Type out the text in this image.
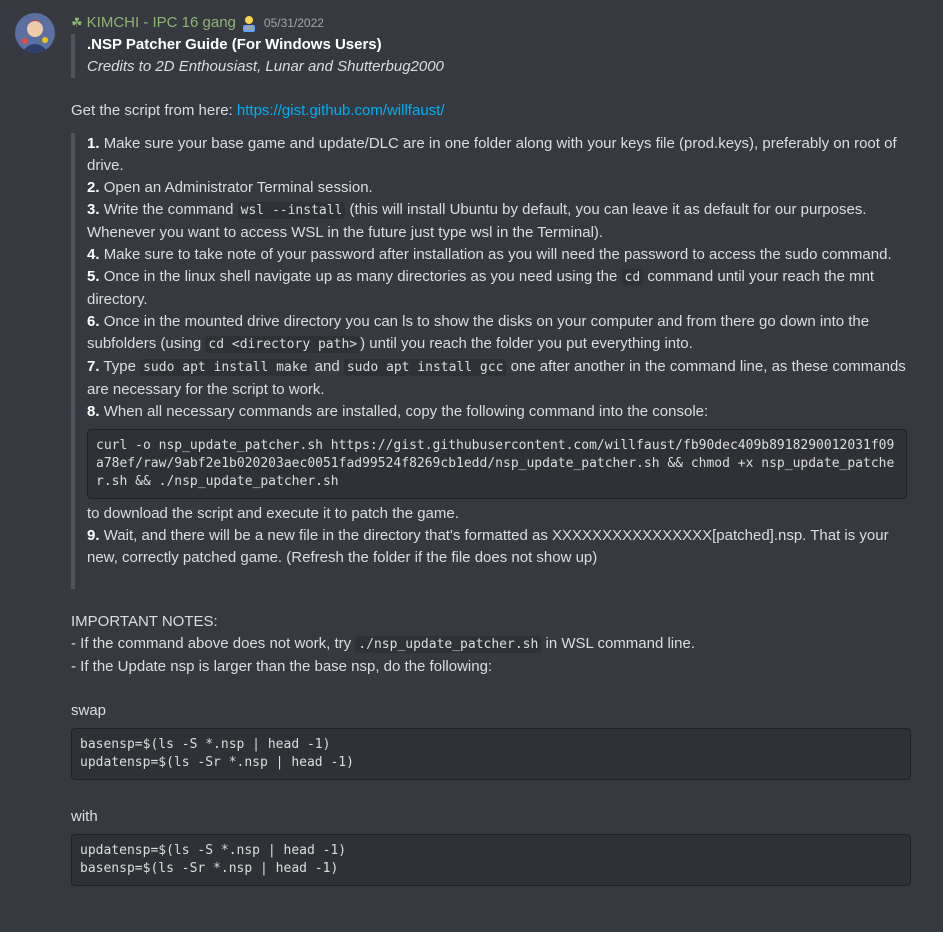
☘ KIMCHI - IPC 16 gang 05/31/2022
.NSP Patcher Guide (For Windows Users)
Credits to 2D Enthousiast, Lunar and Shutterbug2000

Get the script from here: https://gist.github.com/willfaust/

1. Make sure your base game and update/DLC are in one folder along with your keys file (prod.keys), preferably on root of drive.
2. Open an Administrator Terminal session.
3. Write the command wsl --install (this will install Ubuntu by default, you can leave it as default for our purposes. Whenever you want to access WSL in the future just type wsl in the Terminal).
4. Make sure to take note of your password after installation as you will need the password to access the sudo command.
5. Once in the linux shell navigate up as many directories as you need using the cd command until your reach the mnt directory.
6. Once in the mounted drive directory you can ls to show the disks on your computer and from there go down into the subfolders (using cd <directory path> ) until you reach the folder you put everything into.
7. Type sudo apt install make and sudo apt install gcc one after another in the command line, as these commands are necessary for the script to work.
8. When all necessary commands are installed, copy the following command into the console:
curl -o nsp_update_patcher.sh https://gist.githubusercontent.com/willfaust/fb90dec409b8918290012031f09a78ef/raw/9abf2e1b020203aec0051fad99524f8269cb1edd/nsp_update_patcher.sh && chmod +x nsp_update_patcher.sh && ./nsp_update_patcher.sh
to download the script and execute it to patch the game.
9. Wait, and there will be a new file in the directory that's formatted as XXXXXXXXXXXXXXXX[patched].nsp. That is your new, correctly patched game. (Refresh the folder if the file does not show up)
IMPORTANT NOTES:
- If the command above does not work, try ./nsp_update_patcher.sh in WSL command line.
- If the Update nsp is larger than the base nsp, do the following:
swap
basensp=$(ls -S *.nsp | head -1)
updatensp=$(ls -Sr *.nsp | head -1)
with
updatensp=$(ls -S *.nsp | head -1)
basensp=$(ls -Sr *.nsp | head -1)
